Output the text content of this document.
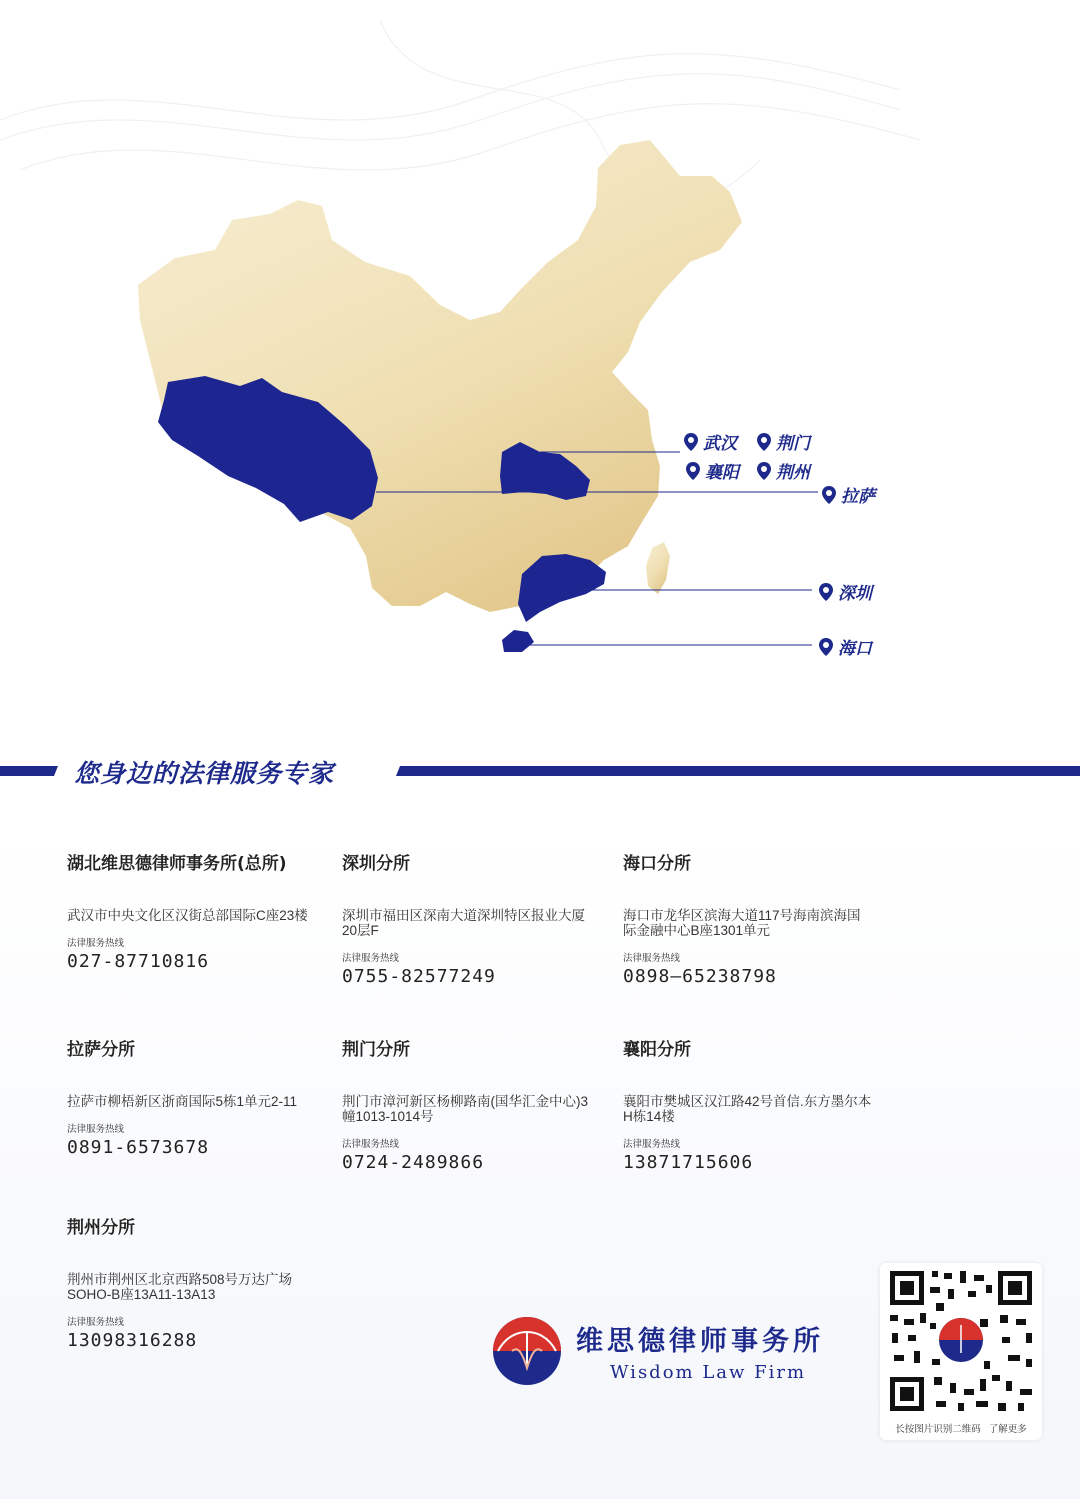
武汉 荆门
襄阳 荆州
拉萨
深圳
海口
您身边的法律服务专家
湖北维思德律师事务所(总所)
武汉市中央文化区汉街总部国际C座23楼
法律服务热线
027-87710816
深圳分所
深圳市福田区深南大道深圳特区报业大厦20层F
法律服务热线
0755-82577249
海口分所
海口市龙华区滨海大道117号海南滨海国际金融中心B座1301单元
法律服务热线
0898–65238798
拉萨分所
拉萨市柳梧新区浙商国际5栋1单元2-11
法律服务热线
0891-6573678
荆门分所
荆门市漳河新区杨柳路南(国华汇金中心)3幢1013-1014号
法律服务热线
0724-2489866
襄阳分所
襄阳市樊城区汉江路42号首信.东方墨尔本H栋14楼
法律服务热线
13871715606
荆州分所
荆州市荆州区北京西路508号万达广场SOHO-B座13A11-13A13
法律服务热线
13098316288	维思德律师事务所
Wisdom Law Firm
长按图片识别二维码   了解更多
